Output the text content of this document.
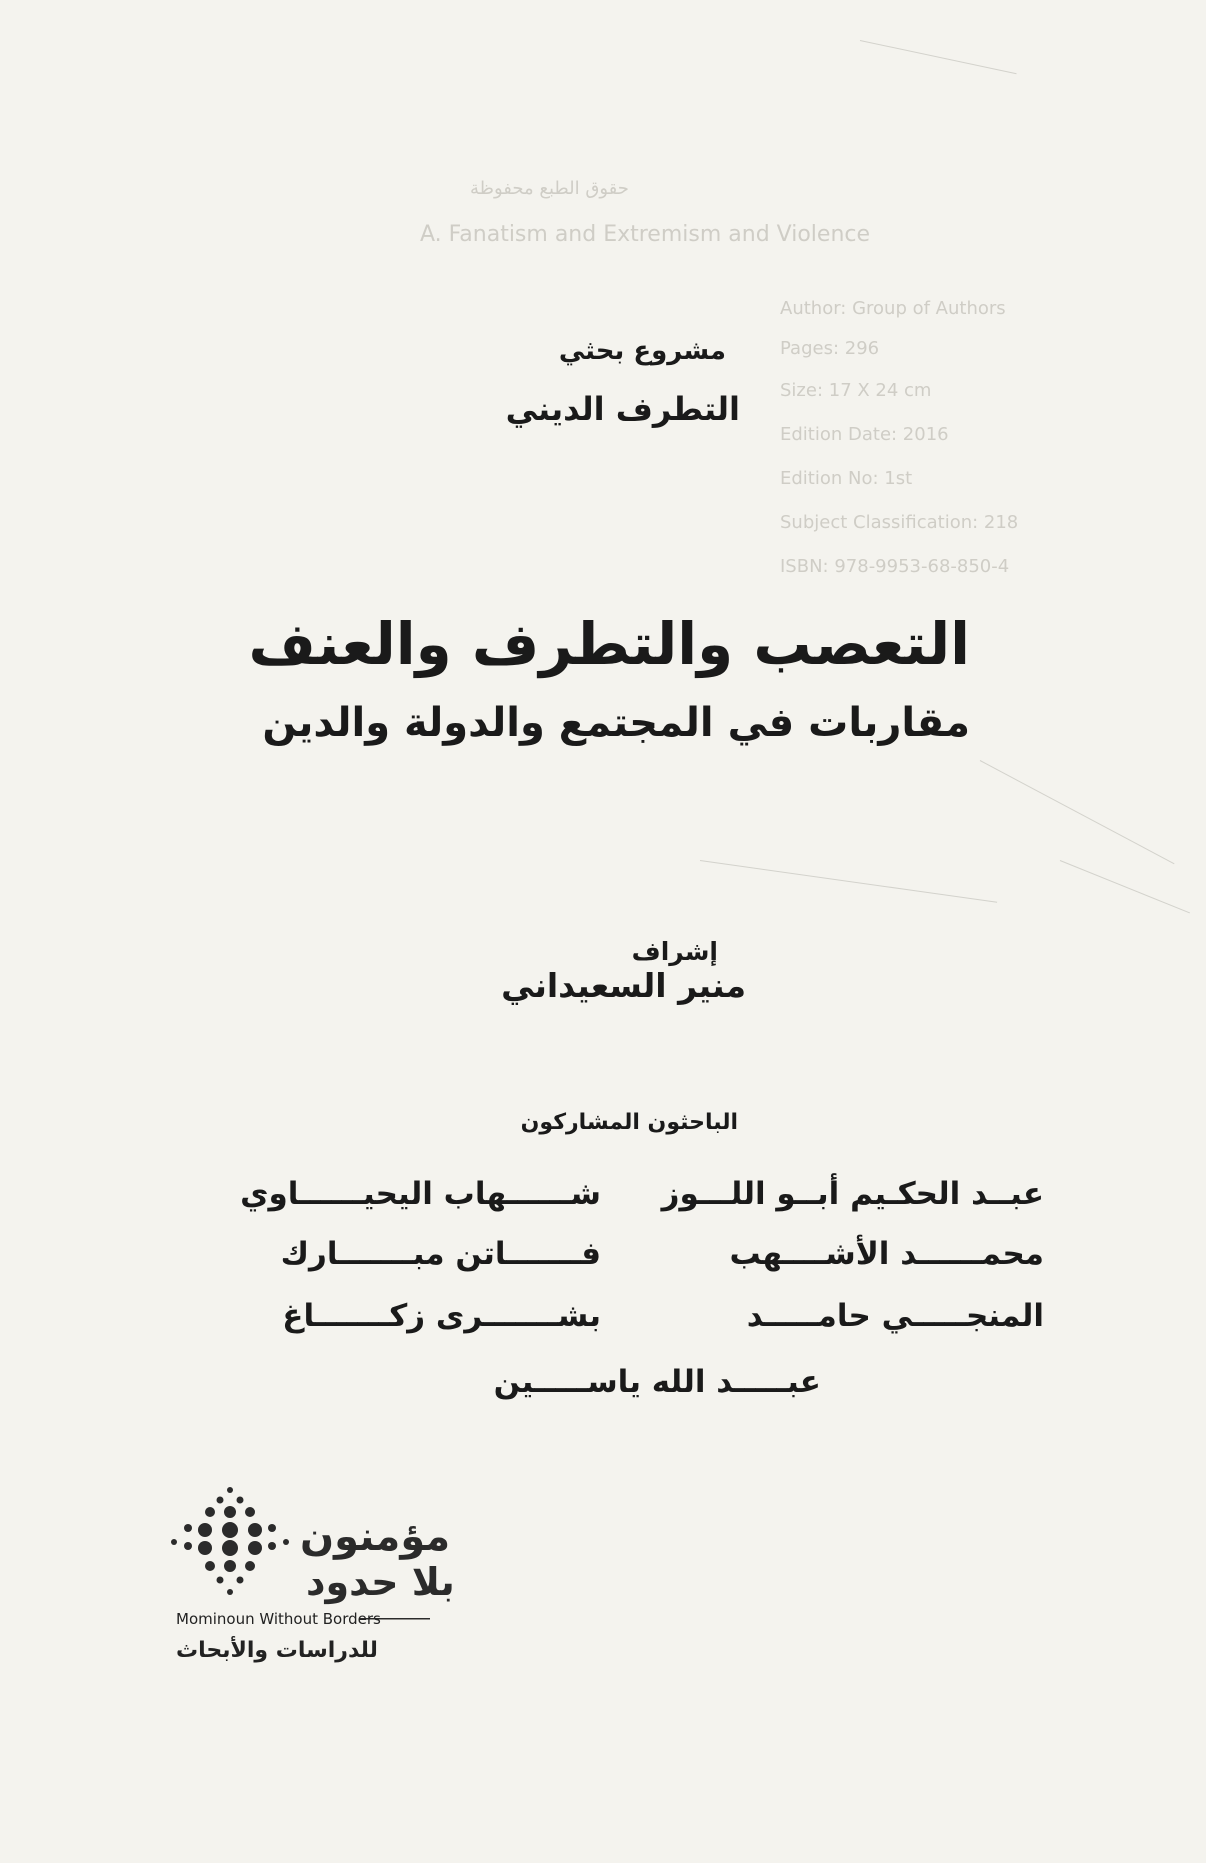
حقوق الطبع محفوظة
A. Fanatism and Extremism and Violence
Author: Group of Authors
Pages: 296
Size: 17 X 24 cm
Edition Date: 2016
Edition No: 1st
Subject Classification: 218
ISBN: 978-9953-68-850-4
مشروع بحثي
التطرف الديني
التعصب والتطرف والعنف
مقاربات في المجتمع والدولة والدين
إشراف
منير السعيداني
الباحثون المشاركون
عبــد الحكـيم أبــو اللـــوز
محمــــــد الأشــــهب
المنجـــــي حامـــــد
شــــــهاب اليحيــــــاوي
فـــــــاتن مبـــــــارك
بشـــــــرى زكـــــــاغ
عبـــــد الله ياســـــين
مؤمنون
بلا حدود
Mominoun Without Borders
للدراسات والأبحاث
